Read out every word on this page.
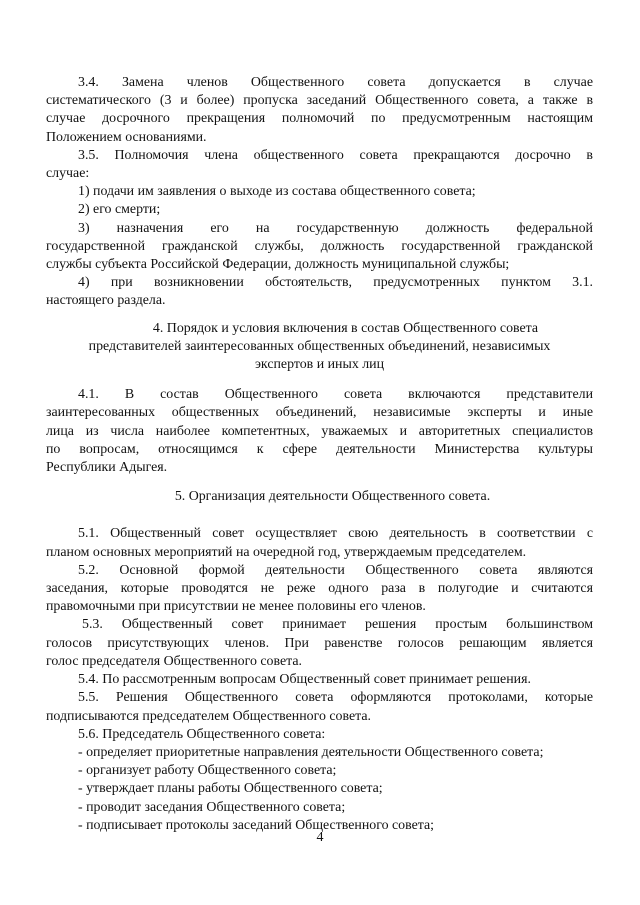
3.4.   Замена   членов   Общественного   совета   допускается   в   случае
систематического (3 и более) пропуска заседаний Общественного совета, а также в
случае досрочного прекращения полномочий по предусмотренным настоящим
Положением основаниями.
3.5. Полномочия члена общественного совета прекращаются досрочно в
случае:
1) подачи им заявления о выходе из состава общественного совета;
2) его смерти;
3)   назначения   его   на   государственную   должность   федеральной
государственной гражданской службы, должность государственной гражданской
службы субъекта Российской Федерации, должность муниципальной службы;
4) при возникновении обстоятельств, предусмотренных пунктом 3.1.
настоящего раздела.
4. Порядок и условия включения в состав Общественного совета
представителей заинтересованных общественных объединений, независимых
экспертов и иных лиц
4.1.   В   состав   Общественного   совета   включаются   представители
заинтересованных общественных объединений, независимые эксперты и иные
лица из числа наиболее компетентных, уважаемых и авторитетных специалистов
по вопросам, относящимся к сфере деятельности Министерства культуры
Республики Адыгея.
5. Организация деятельности Общественного совета.
5.1. Общественный совет осуществляет свою деятельность в соответствии с
планом основных мероприятий на очередной год, утверждаемым председателем.
5.2. Основной формой деятельности Общественного совета являются
заседания, которые проводятся не реже одного раза в полугодие и считаются
правомочными при присутствии не менее половины его членов.
5.3. Общественный совет принимает решения простым большинством
голосов присутствующих членов. При равенстве голосов решающим является
голос председателя Общественного совета.
5.4. По рассмотренным вопросам Общественный совет принимает решения.
5.5. Решения Общественного совета оформляются протоколами, которые
подписываются председателем Общественного совета.
5.6. Председатель Общественного совета:
- определяет приоритетные направления деятельности Общественного совета;
- организует работу Общественного совета;
- утверждает планы работы Общественного совета;
- проводит заседания Общественного совета;
- подписывает протоколы заседаний Общественного совета;
4
